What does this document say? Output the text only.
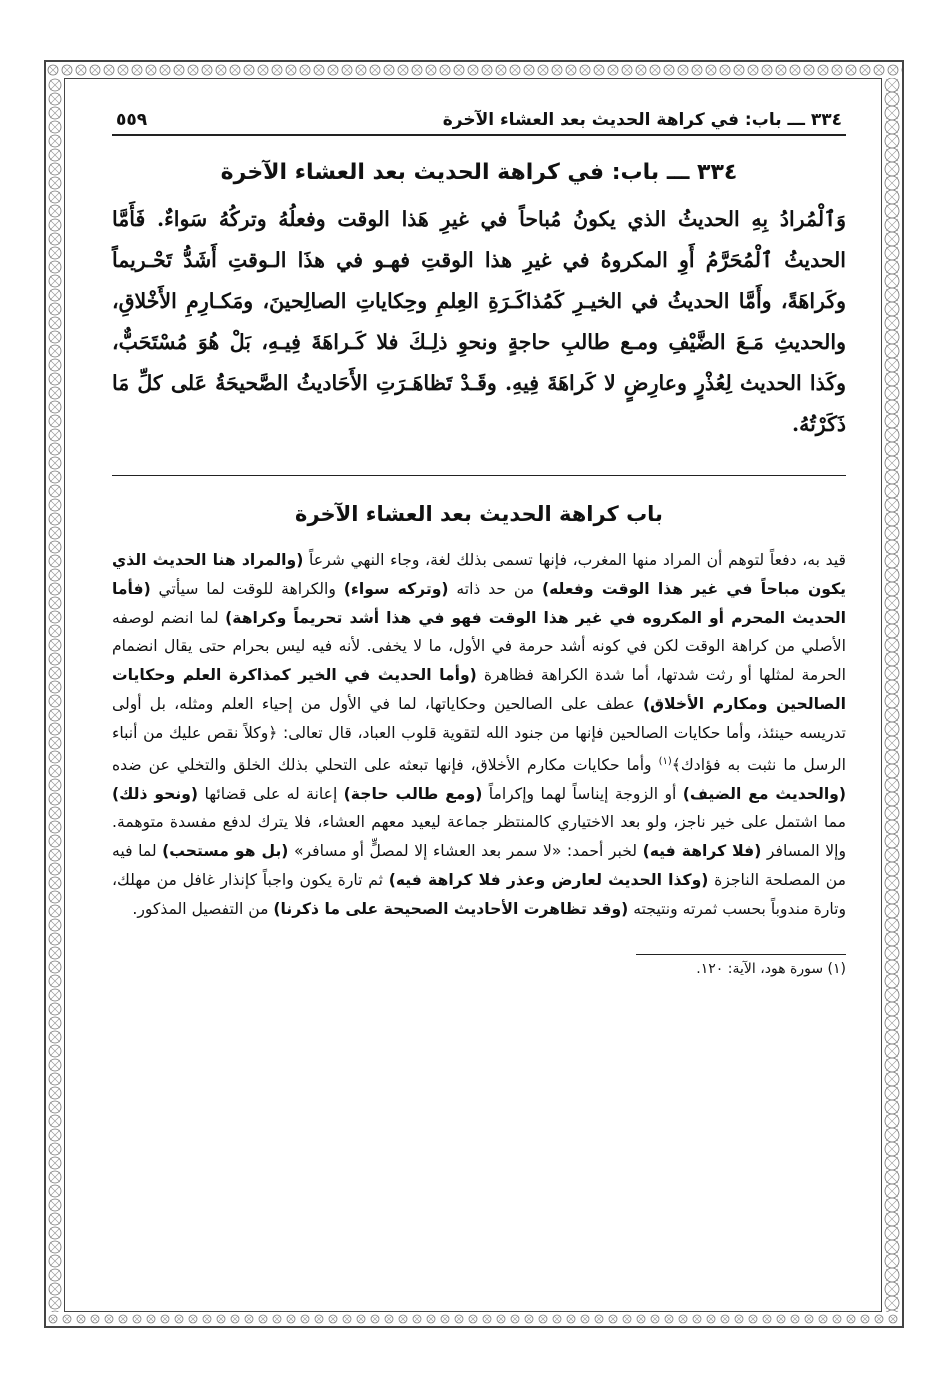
٣٣٤ ـــ باب: في كراهة الحديث بعد العشاء الآخرة
٥٥٩
٣٣٤ ـــ باب: في كراهة الحديث بعد العشاء الآخرة

وَٱلْمُرادُ بِهِ الحديثُ الذي يكونُ مُباحاً في غيرِ هَذا الوقت وفعلُهُ وتركُهُ سَواءٌ. فَأَمَّا الحديثُ ٱلْمُحَرَّمُ أَوِ المكروهُ في غيرِ هذا الوقتِ فهـو في هذَا الـوقتِ أَشَدُّ تَحْـريماً وكَراهَةً، وأَمَّا الحديثُ في الخيـرِ كَمُذاكَـرَةِ العِلمِ وحِكاياتِ الصالِحينَ، ومَكـارِمِ الأَخْلاقِ، والحديثِ مَـعَ الضَّيْفِ ومـع طالبِ حاجةٍ ونحوِ ذلِـكَ فلا كَـراهَةَ فِيـهِ، بَلْ هُوَ مُسْتَحَبٌّ، وكَذا الحديث لِعُذْرٍ وعارِضٍ لا كَراهَةَ فِيهِ. وقَـدْ تَظاهَـرَتِ الأَحَاديثُ الصَّحيحَةُ عَلى كلِّ مَا ذَكَرْتُهُ.

باب كراهة الحديث بعد العشاء الآخرة

قيد به، دفعاً لتوهم أن المراد منها المغرب، فإنها تسمى بذلك لغة، وجاء النهي شرعاً (والمراد هنا الحديث الذي يكون مباحاً في غير هذا الوقت وفعله) من حد ذاته (وتركه سواء) والكراهة للوقت لما سيأتي (فأما الحديث المحرم أو المكروه في غير هذا الوقت فهو في هذا أشد تحريماً وكراهة) لما انضم لوصفه الأصلي من كراهة الوقت لكن في كونه أشد حرمة في الأول، ما لا يخفى. لأنه فيه ليس بحرام حتى يقال انضمام الحرمة لمثلها أو رثت شدتها، أما شدة الكراهة فظاهرة (وأما الحديث في الخير كمذاكرة العلم وحكايات الصالحين ومكارم الأخلاق) عطف على الصالحين وحكاياتها، لما في الأول من إحياء العلم ومثله، بل أولى تدريسه حينئذ، وأما حكايات الصالحين فإنها من جنود الله لتقوية قلوب العباد، قال تعالى: ﴿وكلاً نقص عليك من أنباء الرسل ما نثبت به فؤادك﴾$^{(١)}$ وأما حكايات مكارم الأخلاق، فإنها تبعثه على التحلي بذلك الخلق والتخلي عن ضده (والحديث مع الضيف) أو الزوجة إيناساً لهما وإكراماً (ومع طالب حاجة) إعانة له على قضائها (ونحو ذلك) مما اشتمل على خير ناجز، ولو بعد الاختياري كالمنتظر جماعة ليعيد معهم العشاء، فلا يترك لدفع مفسدة متوهمة. وإلا المسافر (فلا كراهة فيه) لخبر أحمد: «لا سمر بعد العشاء إلا لمصلٍّ أو مسافر» (بل هو مستحب) لما فيه من المصلحة الناجزة (وكذا الحديث لعارض وعذر فلا كراهة فيه) ثم تارة يكون واجباً كإنذار غافل من مهلك، وتارة مندوباً بحسب ثمرته ونتيجته (وقد تظاهرت الأحاديث الصحيحة على ما ذكرنا) من التفصيل المذكور.

(١) سورة هود، الآية: ١٢٠.
